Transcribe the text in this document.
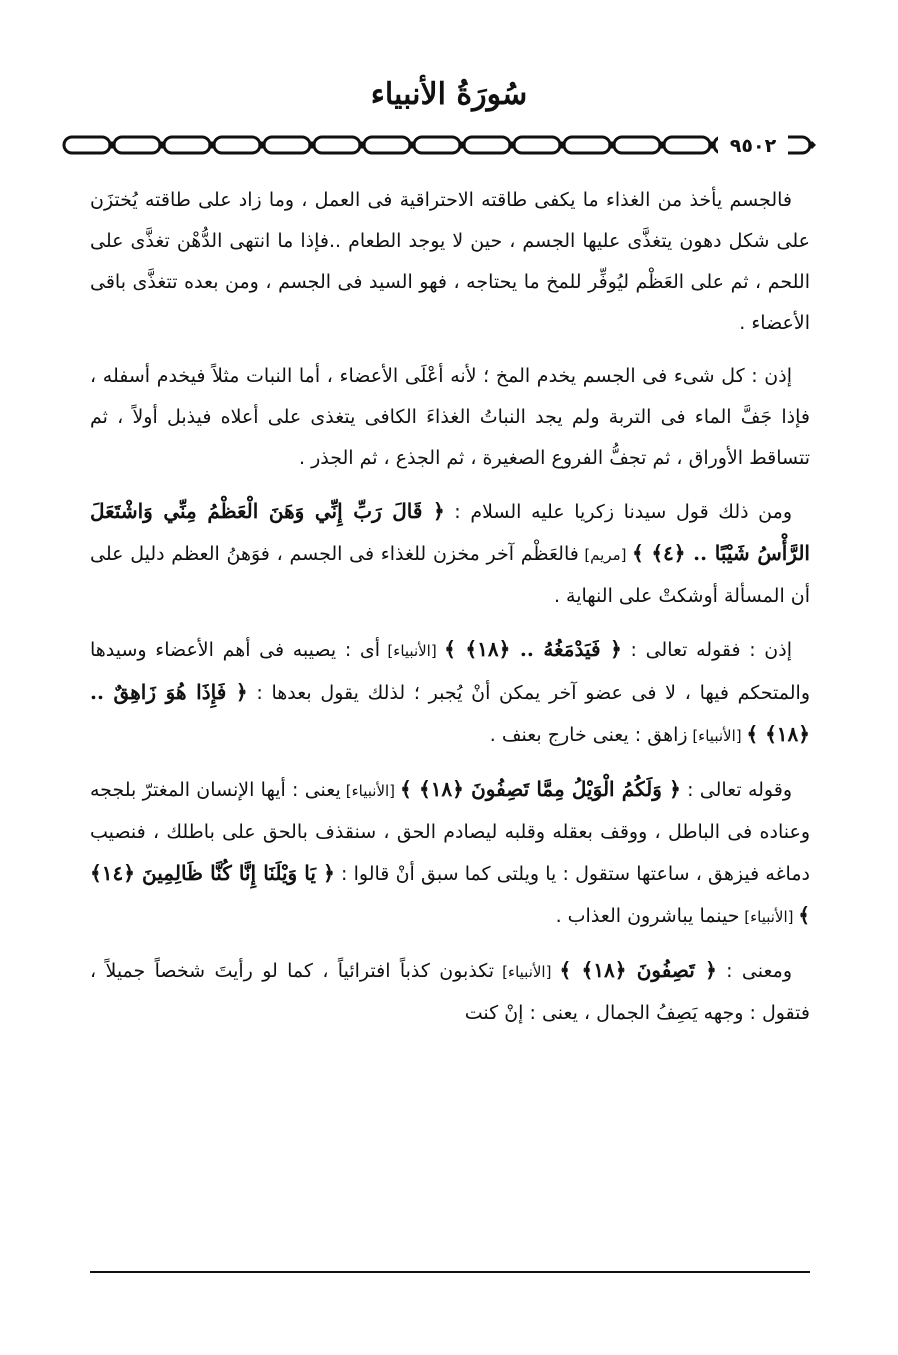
سُورَةُ الأنبياء
٩٥٠٢

فالجسم يأخذ من الغذاء ما يكفى طاقته الاحتراقية فى العمل ، وما زاد على طاقته يُختزَن على شكل دهون يتغذَّى عليها الجسم ، حين لا يوجد الطعام ..فإذا ما انتهى الدُّهْن تغذَّى على اللحم ، ثم على العَظْم ليُوفِّر للمخ ما يحتاجه ، فهو السيد فى الجسم ، ومن بعده تتغذَّى باقى الأعضاء .

إذن : كل شىء فى الجسم يخدم المخ ؛ لأنه أعْلَى الأعضاء ، أما النبات مثلاً فيخدم أسفله ، فإذا جَفَّ الماء فى التربة ولم يجد النباتُ الغذاءَ الكافى يتغذى على أعلاه فيذبل أولاً ، ثم تتساقط الأوراق ، ثم تجفُّ الفروع الصغيرة ، ثم الجذع ، ثم الجذر .

ومن ذلك قول سيدنا زكريا عليه السلام : ﴿ قَالَ رَبِّ إِنِّي وَهَنَ الْعَظْمُ مِنِّي وَاشْتَعَلَ الرَّأْسُ شَيْبًا .. ﴿٤﴾ ﴾ [مريم] فالعَظْم آخر مخزن للغذاء فى الجسم ، فوَهنُ العظم دليل على أن المسألة أوشكتْ على النهاية .

إذن : فقوله تعالى : ﴿ فَيَدْمَغُهُ .. ﴿١٨﴾ ﴾ [الأنبياء] أى : يصيبه فى أهم الأعضاء وسيدها والمتحكم فيها ، لا فى عضو آخر يمكن أنْ يُجبر ؛ لذلك يقول بعدها : ﴿ فَإِذَا هُوَ زَاهِقٌ .. ﴿١٨﴾ ﴾ [الأنبياء] زاهق : يعنى خارج بعنف .

وقوله تعالى : ﴿ وَلَكُمُ الْوَيْلُ مِمَّا تَصِفُونَ ﴿١٨﴾ ﴾ [الأنبياء] يعنى : أيها الإنسان المغترّ بلججه وعناده فى الباطل ، ووقف بعقله وقلبه ليصادم الحق ، سنقذف بالحق على باطلك ، فنصيب دماغه فيزهق ، ساعتها ستقول : يا ويلتى كما سبق أنْ قالوا : ﴿ يَا وَيْلَنَا إِنَّا كُنَّا ظَالِمِينَ ﴿١٤﴾ ﴾ [الأنبياء] حينما يباشرون العذاب .

ومعنى : ﴿ تَصِفُونَ ﴿١٨﴾ ﴾ [الأنبياء] تكذبون كذباً افترائياً ، كما لو رأيتَ شخصاً جميلاً ، فتقول : وجهه يَصِفُ الجمال ، يعنى : إنْ كنت
